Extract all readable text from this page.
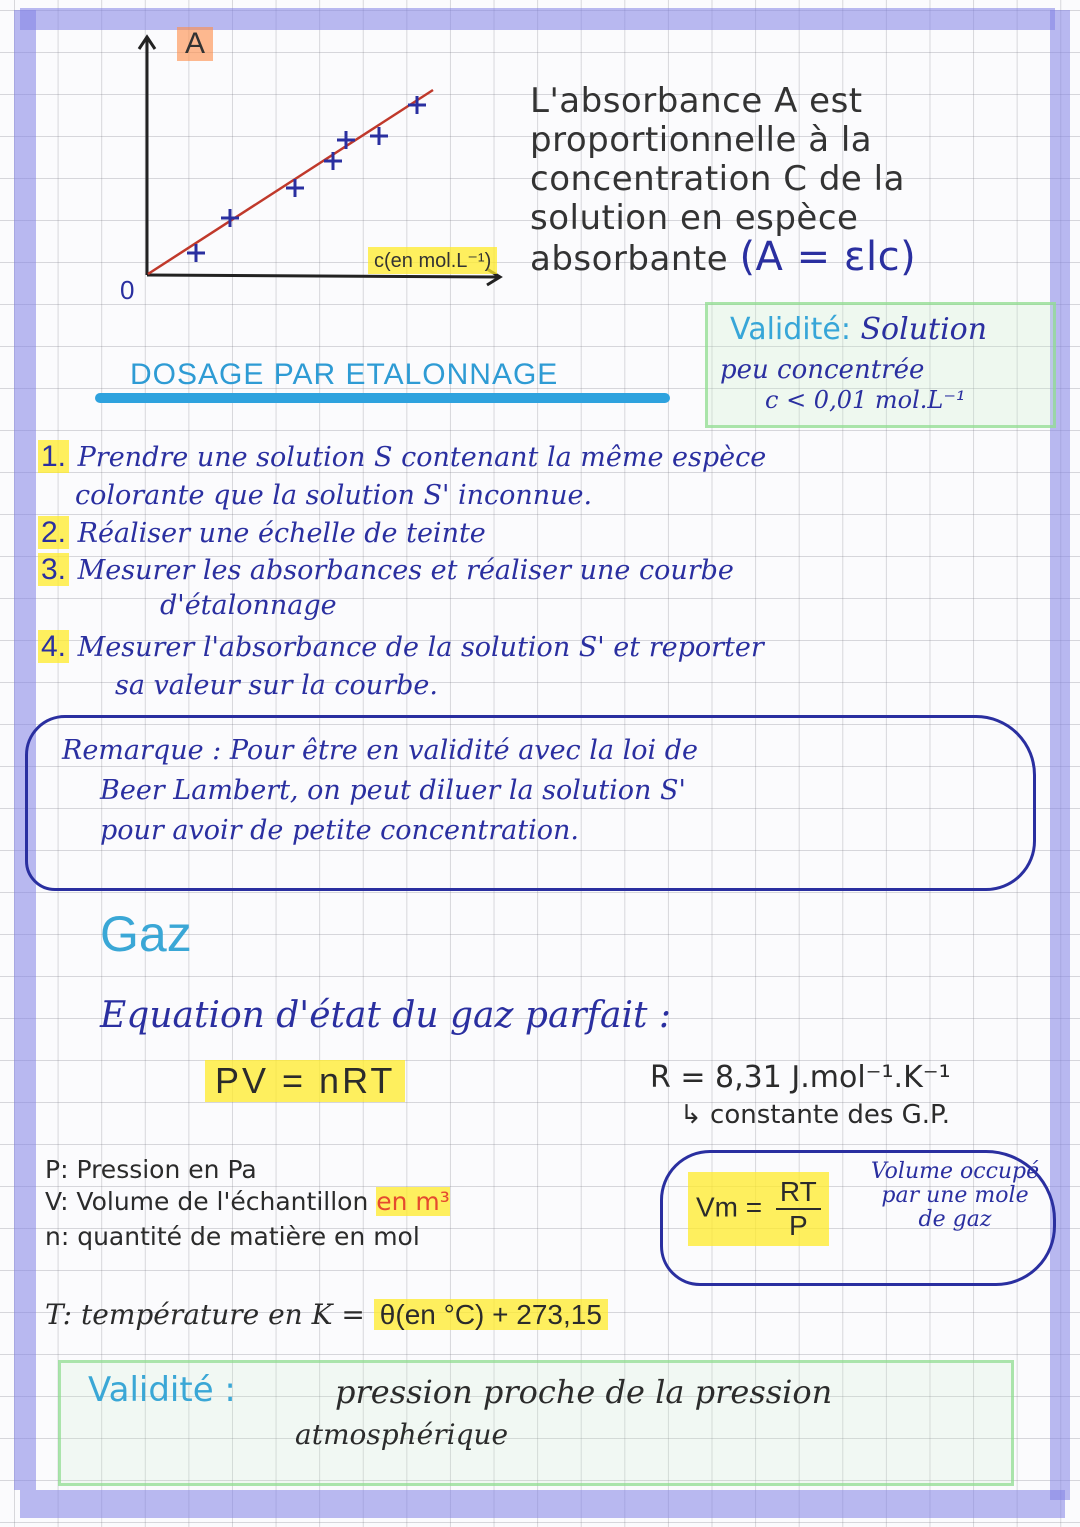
A
c(en mol.L⁻¹)
0
L'absorbance A est
proportionnelle à la
concentration C de la
solution en espèce
absorbante (A = εlc)
DOSAGE PAR ETALONNAGE
Validité: Solution
peu concentrée
c < 0,01 mol.L⁻¹
1. Prendre une solution S contenant la même espèce
colorante que la solution S' inconnue.
2. Réaliser une échelle de teinte
3. Mesurer les absorbances et réaliser une courbe
d'étalonnage
4. Mesurer l'absorbance de la solution S' et reporter
sa valeur sur la courbe.
Remarque : Pour être en validité avec la loi de
Beer Lambert, on peut diluer la solution S'
pour avoir de petite concentration.
Gaz
Equation d'état du gaz parfait :
PV = nRT	R = 8,31 J.mol⁻¹.K⁻¹
↳ constante des G.P.
P: Pression en Pa
V: Volume de l'échantillon en m³
n: quantité de matière en mol
$Vm = \frac{RT}{P}$
Volume occupé par une mole de gaz
T: température en K = θ(en °C) + 273,15
Validité :	pression proche de la pression
atmosphérique
